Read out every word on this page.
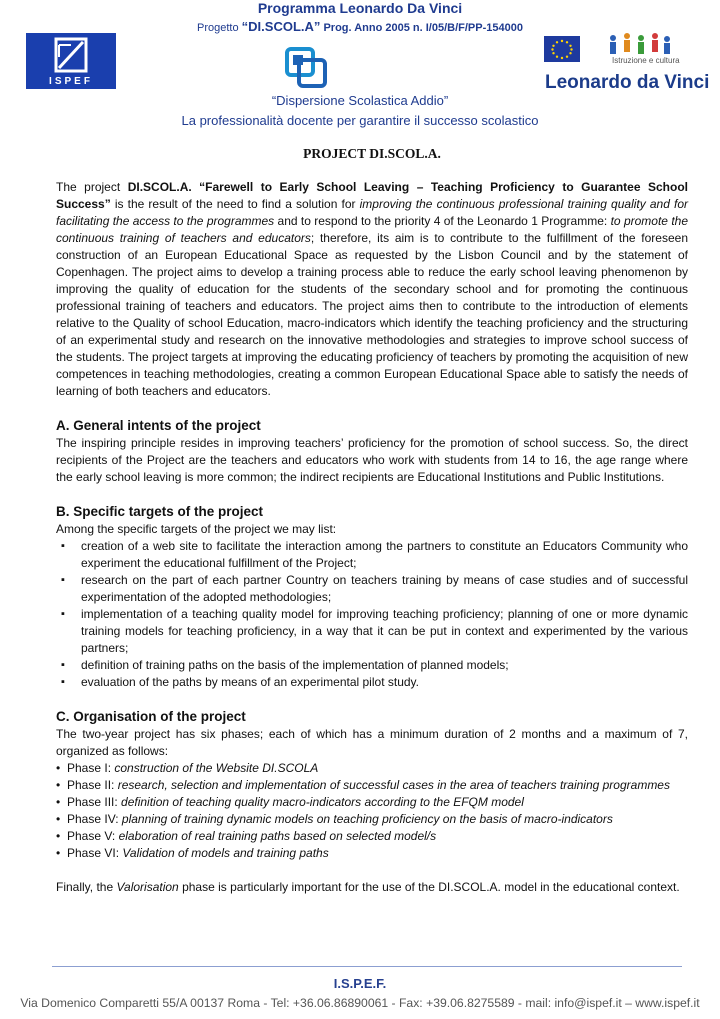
Programma Leonardo Da Vinci
Progetto “DI.SCOL.A” Prog. Anno 2005 n. I/05/B/F/PP-154000
ISPEF
Istruzione e cultura
Leonardo da Vinci
“Dispersione Scolastica Addio”
La professionalità docente per garantire il successo scolastico
PROJECT DI.SCOL.A.

The project DI.SCOL.A. “Farewell to Early School Leaving – Teaching Proficiency to Guarantee School Success” is the result of the need to find a solution for improving the continuous professional training quality and for facilitating the access to the programmes and to respond to the priority 4 of the Leonardo 1 Programme: to promote the continuous training of teachers and educators; therefore, its aim is to contribute to the fulfillment of the foreseen construction of an European Educational Space as requested by the Lisbon Council and by the statement of Copenhagen. The project aims to develop a training process able to reduce the early school leaving phenomenon by improving the quality of education for the students of the secondary school and for promoting the continuous professional training of teachers and educators. The project aims then to contribute to the introduction of elements relative to the Quality of school Education, macro-indicators which identify the teaching proficiency and the structuring of an experimental study and research on the innovative methodologies and strategies to improve school success of the students. The project targets at improving the educating proficiency of teachers by promoting the acquisition of new competences in teaching methodologies, creating a common European Educational Space able to satisfy the needs of learning of both teachers and educators.

A. General intents of the project

The inspiring principle resides in improving teachers’ proficiency for the promotion of school success. So, the direct recipients of the Project are the teachers and educators who work with students from 14 to 16, the age range where the early school leaving is more common; the indirect recipients are Educational Institutions and Public Institutions.

B. Specific targets of the project

Among the specific targets of the project we may list:

▪ creation of a web site to facilitate the interaction among the partners to constitute an Educators Community who experiment the educational fulfillment of the Project;
▪ research on the part of each partner Country on teachers training by means of case studies and of successful experimentation of the adopted methodologies;
▪ implementation of a teaching quality model for improving teaching proficiency; planning of one or more dynamic training models for teaching proficiency, in a way that it can be put in context and experimented by the various partners;
▪ definition of training paths on the basis of the implementation of planned models;
▪ evaluation of the paths by means of an experimental pilot study.
C. Organisation of the project

The two-year project has six phases; each of which has a minimum duration of 2 months and a maximum of 7, organized as follows:

• Phase I: construction of the Website DI.SCOLA
• Phase II: research, selection and implementation of successful cases in the area of teachers training programmes
• Phase III: definition of teaching quality macro-indicators according to the EFQM model
• Phase IV: planning of training dynamic models on teaching proficiency on the basis of macro-indicators
• Phase V: elaboration of real training paths based on selected model/s
• Phase VI: Validation of models and training paths

Finally, the Valorisation phase is particularly important for the use of the DI.SCOL.A. model in the educational context.

I.S.P.E.F.
Via Domenico Comparetti 55/A 00137 Roma - Tel: +36.06.86890061 - Fax: +39.06.8275589 - mail: info@ispef.it – www.ispef.it
